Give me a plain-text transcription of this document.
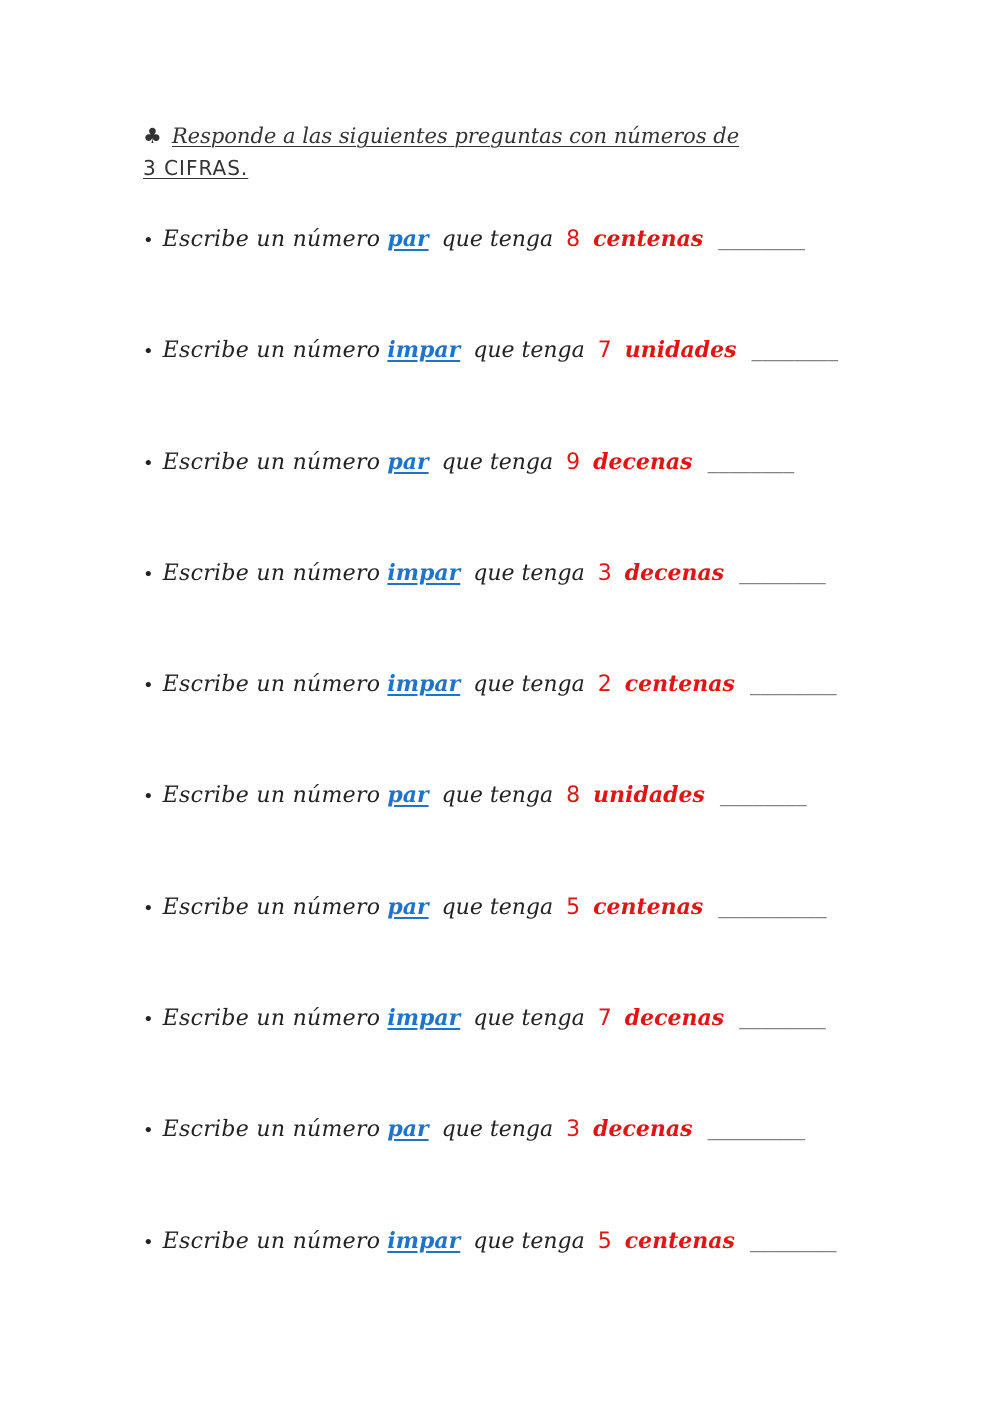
♣ Responde a las siguientes preguntas con números de
3 CIFRAS.

• Escribe un número par que tenga 8 centenas ________
• Escribe un número impar que tenga 7 unidades ________
• Escribe un número par que tenga 9 decenas ________
• Escribe un número impar que tenga 3 decenas ________
• Escribe un número impar que tenga 2 centenas ________
• Escribe un número par que tenga 8 unidades ________
• Escribe un número par que tenga 5 centenas __________
• Escribe un número impar que tenga 7 decenas ________
• Escribe un número par que tenga 3 decenas _________
• Escribe un número impar que tenga 5 centenas ________
